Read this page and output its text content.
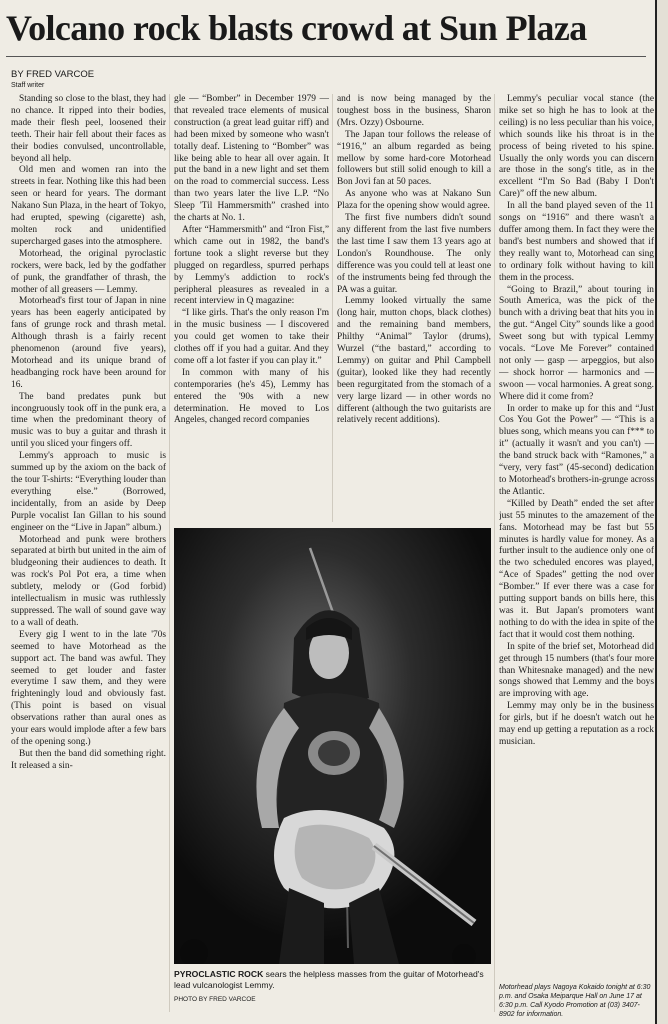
Volcano rock blasts crowd at Sun Plaza
BY FRED VARCOE
Staff writer

Standing so close to the blast, they had no chance. It ripped into their bodies, made their flesh peel, loosened their teeth. Their hair fell about their faces as their bodies convulsed, uncontrollable, beyond all help.

Old men and women ran into the streets in fear. Nothing like this had been seen or heard for years. The dormant Nakano Sun Plaza, in the heart of Tokyo, had erupted, spewing (cigarette) ash, molten rock and unidentified supercharged gases into the atmosphere.

Motorhead, the original pyroclastic rockers, were back, led by the godfather of punk, the grandfather of thrash, the mother of all greasers — Lemmy.

Motorhead's first tour of Japan in nine years has been eagerly anticipated by fans of grunge rock and thrash metal. Although thrash is a fairly recent phenomenon (around five years), Motorhead and its unique brand of headbanging rock have been around for 16.

The band predates punk but incongruously took off in the punk era, a time when the predominant theory of music was to buy a guitar and thrash it until you sliced your fingers off.

Lemmy's approach to music is summed up by the axiom on the back of the tour T-shirts: “Everything louder than everything else.” (Borrowed, incidentally, from an aside by Deep Purple vocalist Ian Gillan to his sound engineer on the “Live in Japan” album.)

Motorhead and punk were brothers separated at birth but united in the aim of bludgeoning their audiences to death. It was rock's Pol Pot era, a time when subtlety, melody or (God forbid) intellectualism in music was ruthlessly suppressed. The wall of sound gave way to a wall of death.

Every gig I went to in the late '70s seemed to have Motorhead as the support act. The band was awful. They seemed to get louder and faster everytime I saw them, and they were frighteningly loud and obviously fast. (This point is based on visual observations rather than aural ones as your ears would implode after a few bars of the opening song.)

But then the band did something right. It released a sin-

gle — “Bomber” in December 1979 — that revealed trace elements of musical construction (a great lead guitar riff) and had been mixed by someone who wasn't totally deaf. Listening to “Bomber” was like being able to hear all over again. It put the band in a new light and set them on the road to commercial success. Less than two years later the live L.P. “No Sleep 'Til Hammersmith” crashed into the charts at No. 1.

After “Hammersmith” and “Iron Fist,” which came out in 1982, the band's fortune took a slight reverse but they plugged on regardless, spurred perhaps by Lemmy's addiction to rock's peripheral pleasures as revealed in a recent interview in Q magazine:

“I like girls. That's the only reason I'm in the music business — I discovered you could get women to take their clothes off if you had a guitar. And they come off a lot faster if you can play it.”

In common with many of his contemporaries (he's 45), Lemmy has entered the '90s with a new determination. He moved to Los Angeles, changed record companies

and is now being managed by the toughest boss in the business, Sharon (Mrs. Ozzy) Osbourne.

The Japan tour follows the release of “1916,” an album regarded as being mellow by some hard-core Motorhead followers but still solid enough to kill a Bon Jovi fan at 50 paces.

As anyone who was at Nakano Sun Plaza for the opening show would agree.

The first five numbers didn't sound any different from the last five numbers the last time I saw them 13 years ago at London's Roundhouse. The only difference was you could tell at least one of the instruments being fed through the PA was a guitar.

Lemmy looked virtually the same (long hair, mutton chops, black clothes) and the remaining band members, Philthy “Animal” Taylor (drums), Wurzel (“the bastard,” according to Lemmy) on guitar and Phil Campbell (guitar), looked like they had recently been regurgitated from the stomach of a very large lizard — in other words no different (although the two guitarists are relatively recent additions).

Lemmy's peculiar vocal stance (the mike set so high he has to look at the ceiling) is no less peculiar than his voice, which sounds like his throat is in the process of being riveted to his spine. Usually the only words you can discern are those in the song's title, as in the excellent “I'm So Bad (Baby I Don't Care)” off the new album.

In all the band played seven of the 11 songs on “1916” and there wasn't a duffer among them. In fact they were the band's best numbers and showed that if they really want to, Motorhead can sing to ordinary folk without having to kill them in the process.

“Going to Brazil,” about touring in South America, was the pick of the bunch with a driving beat that hits you in the gut. “Angel City” sounds like a good Sweet song but with typical Lemmy vocals. “Love Me Forever” contained not only — gasp — arpeggios, but also — shock horror — harmonics and — swoon — vocal harmonies. A great song. Where did it come from?

In order to make up for this and “Just Cos You Got the Power” — “This is a blues song, which means you can f*** to it” (actually it wasn't and you can't) — the band struck back with “Ramones,” a “very, very fast” (45-second) dedication to Motorhead's brothers-in-grunge across the Atlantic.

“Killed by Death” ended the set after just 55 minutes to the amazement of the fans. Motorhead may be fast but 55 minutes is hardly value for money. As a further insult to the audience only one of the two scheduled encores was played, “Ace of Spades” getting the nod over “Bomber.” If ever there was a case for putting support bands on bills here, this was it. But Japan's promoters want nothing to do with the idea in spite of the fact that it would cost them nothing.

In spite of the brief set, Motorhead did get through 15 numbers (that's four more than Whitesnake managed) and the new songs showed that Lemmy and the boys are improving with age.

Lemmy may only be in the business for girls, but if he doesn't watch out he may end up getting a reputation as a rock musician.

PYROCLASTIC ROCK sears the helpless masses from the guitar of Motorhead's lead vulcanologist Lemmy.
PHOTO BY FRED VARCOE
Motorhead plays Nagoya Kokaido tonight at 6:30 p.m. and Osaka Meiparque Hall on June 17 at 6:30 p.m. Call Kyodo Promotion at (03) 3407-8902 for information.
